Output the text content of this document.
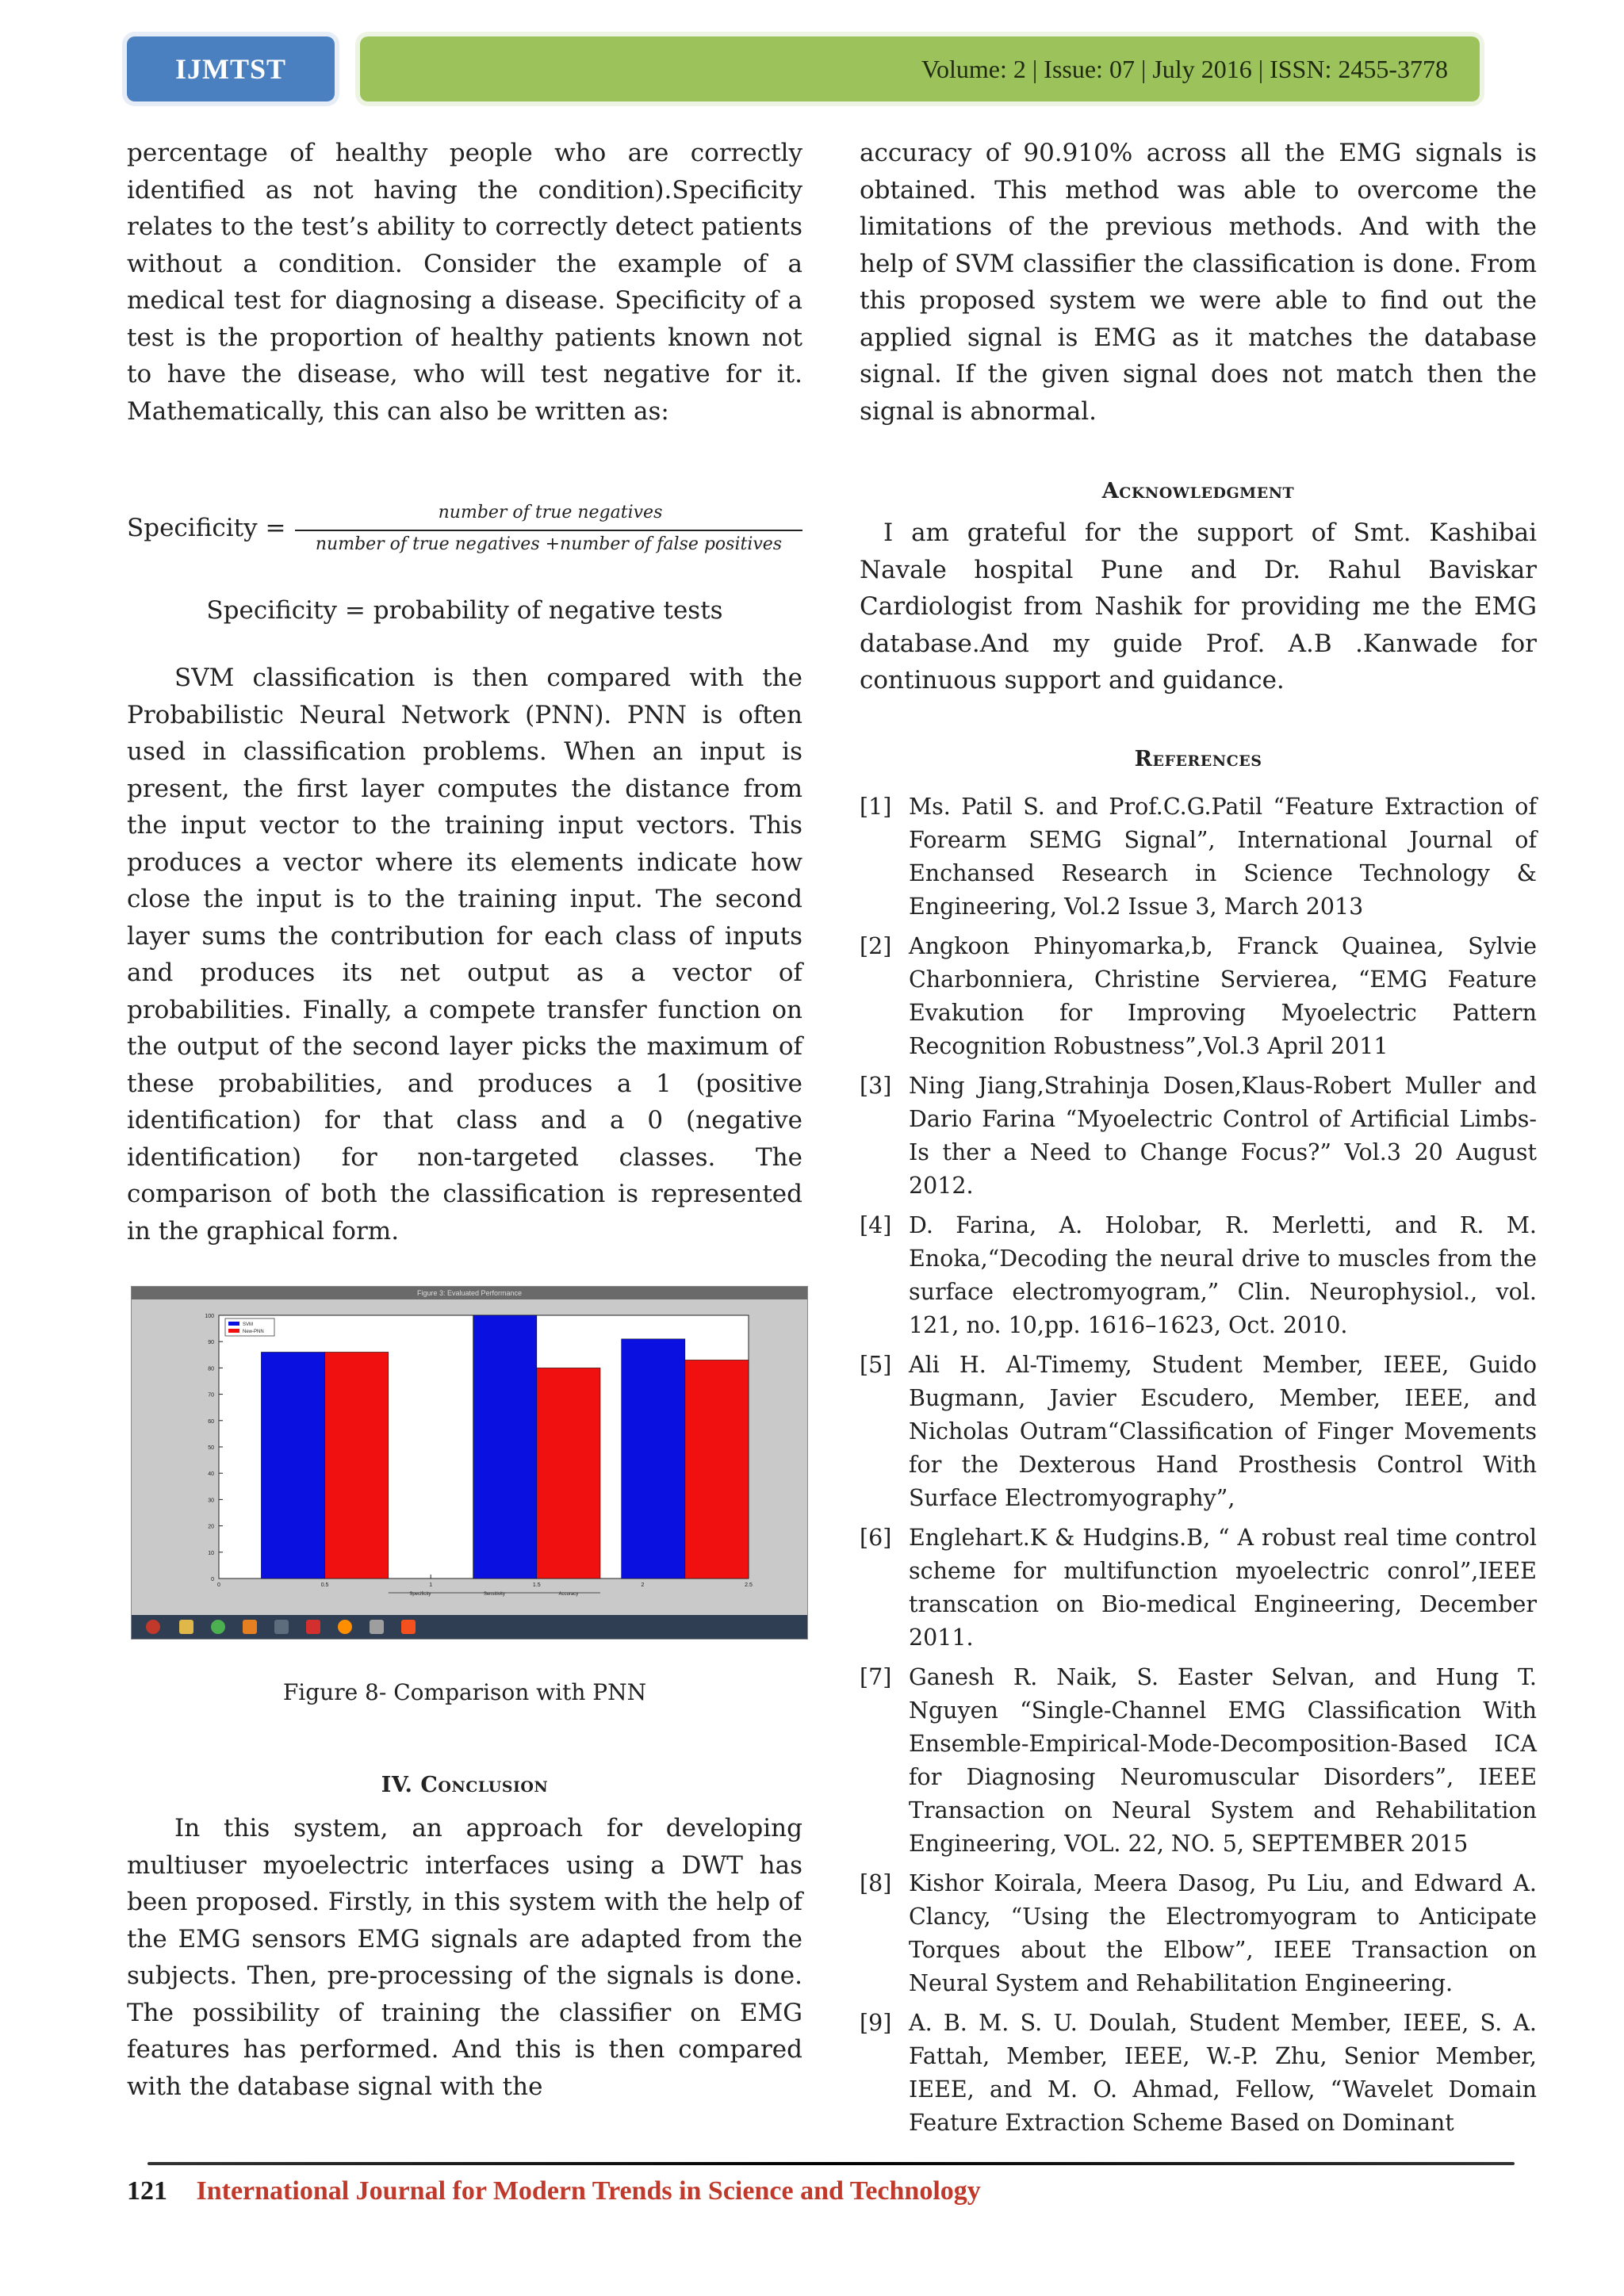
IJMTST	Volume: 2 | Issue: 07 | July 2016 | ISSN: 2455-3778

percentage of healthy people who are correctly identified as not having the condition).Specificity relates to the test’s ability to correctly detect patients without a condition. Consider the example of a medical test for diagnosing a disease. Specificity of a test is the proportion of healthy patients known not to have the disease, who will test negative for it. Mathematically, this can also be written as:

Specificity =
number of true negatives
number of true negatives +number of false positives
Specificity = probability of negative tests

SVM classification is then compared with the Probabilistic Neural Network (PNN). PNN is often used in classification problems. When an input is present, the first layer computes the distance from the input vector to the training input vectors. This produces a vector where its elements indicate how close the input is to the training input. The second layer sums the contribution for each class of inputs and produces its net output as a vector of probabilities. Finally, a compete transfer function on the output of the second layer picks the maximum of these probabilities, and produces a 1 (positive identification) for that class and a 0 (negative identification) for non-targeted classes. The comparison of both the classification is represented in the graphical form.

Figure 3: Evaluated Performance
0
10
20
30
40
50
60
70
80
90
100
0	0.5	1	1.5	2	2.5
SVM
New-PNN
Specificity	Sensitivity	Accuracy
Figure 8- Comparison with PNN

IV. Conclusion

In this system, an approach for developing multiuser myoelectric interfaces using a DWT has been proposed. Firstly, in this system with the help of the EMG sensors EMG signals are adapted from the subjects. Then, pre-processing of the signals is done. The possibility of training the classifier on EMG features has performed. And this is then compared with the database signal with the

accuracy of 90.910% across all the EMG signals is obtained. This method was able to overcome the limitations of the previous methods. And with the help of SVM classifier the classification is done. From this proposed system we were able to find out the applied signal is EMG as it matches the database signal. If the given signal does not match then the signal is abnormal.

Acknowledgment

I am grateful for the support of Smt. Kashibai Navale hospital Pune and Dr. Rahul Baviskar Cardiologist from Nashik for providing me the EMG database.And my guide Prof. A.B .Kanwade for continuous support and guidance.

References

[1] Ms. Patil S. and Prof.C.G.Patil “Feature Extraction of Forearm SEMG Signal”, International Journal of Enchansed Research in Science Technology & Engineering, Vol.2 Issue 3, March 2013
[2] Angkoon Phinyomarka,b, Franck Quainea, Sylvie Charbonniera, Christine Servierea, “EMG Feature Evakution for Improving Myoelectric Pattern Recognition Robustness”,Vol.3 April 2011
[3] Ning Jiang,Strahinja Dosen,Klaus-Robert Muller and Dario Farina “Myoelectric Control of Artificial Limbs-Is ther a Need to Change Focus?” Vol.3 20 August 2012.
[4] D. Farina, A. Holobar, R. Merletti, and R. M. Enoka,“Decoding the neural drive to muscles from the surface electromyogram,” Clin. Neurophysiol., vol. 121, no. 10,pp. 1616–1623, Oct. 2010.
[5] Ali H. Al-Timemy, Student Member, IEEE, Guido Bugmann, Javier Escudero, Member, IEEE, and Nicholas Outram“Classification of Finger Movements for the Dexterous Hand Prosthesis Control With Surface Electromyography”,
[6] Englehart.K & Hudgins.B, “ A robust real time control scheme for multifunction myoelectric conrol”,IEEE transcation on Bio-medical Engineering, December 2011.
[7] Ganesh R. Naik, S. Easter Selvan, and Hung T. Nguyen “Single-Channel EMG Classification With Ensemble-Empirical-Mode-Decomposition-Based ICA for Diagnosing Neuromuscular Disorders”, IEEE Transaction on Neural System and Rehabilitation Engineering, VOL. 22, NO. 5, SEPTEMBER 2015
[8] Kishor Koirala, Meera Dasog, Pu Liu, and Edward A. Clancy, “Using the Electromyogram to Anticipate Torques about the Elbow”, IEEE Transaction on Neural System and Rehabilitation Engineering.
[9] A. B. M. S. U. Doulah, Student Member, IEEE, S. A. Fattah, Member, IEEE, W.-P. Zhu, Senior Member, IEEE, and M. O. Ahmad, Fellow, “Wavelet Domain Feature Extraction Scheme Based on Dominant
121 International Journal for Modern Trends in Science and Technology
